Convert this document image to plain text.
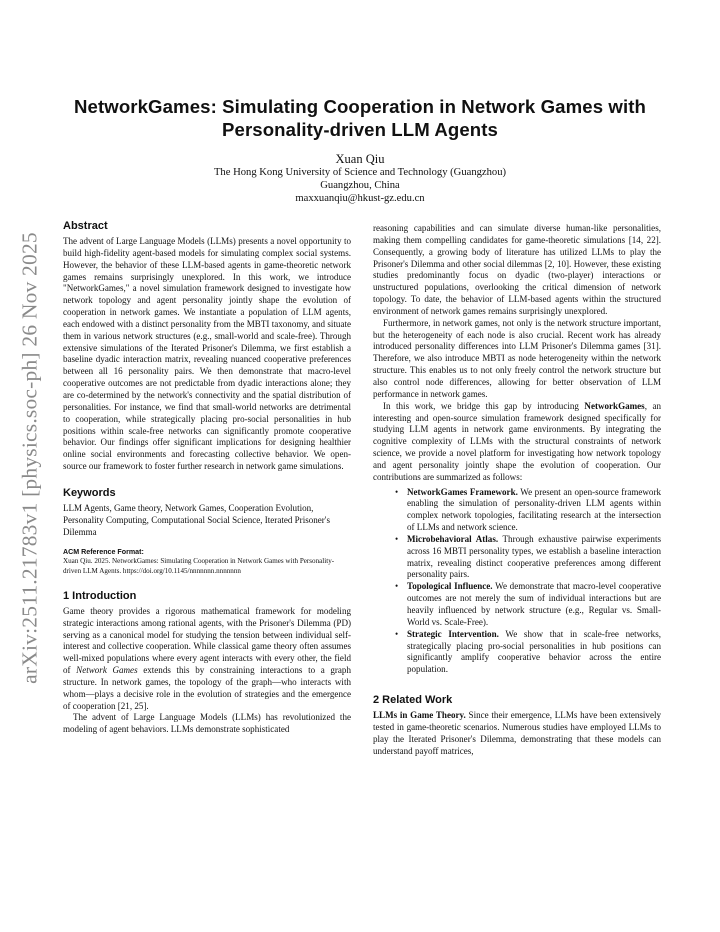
arXiv:2511.21783v1 [physics.soc-ph] 26 Nov 2025
NetworkGames: Simulating Cooperation in Network Games with
Personality-driven LLM Agents
Xuan Qiu
The Hong Kong University of Science and Technology (Guangzhou)
Guangzhou, China
maxxuanqiu@hkust-gz.edu.cn
Abstract

The advent of Large Language Models (LLMs) presents a novel opportunity to build high-fidelity agent-based models for simulating complex social systems. However, the behavior of these LLM-based agents in game-theoretic network games remains surprisingly unexplored. In this work, we introduce "NetworkGames," a novel simulation framework designed to investigate how network topology and agent personality jointly shape the evolution of cooperation in network games. We instantiate a population of LLM agents, each endowed with a distinct personality from the MBTI taxonomy, and situate them in various network structures (e.g., small-world and scale-free). Through extensive simulations of the Iterated Prisoner's Dilemma, we first establish a baseline dyadic interaction matrix, revealing nuanced cooperative preferences between all 16 personality pairs. We then demonstrate that macro-level cooperative outcomes are not predictable from dyadic interactions alone; they are co-determined by the network's connectivity and the spatial distribution of personalities. For instance, we find that small-world networks are detrimental to cooperation, while strategically placing pro-social personalities in hub positions within scale-free networks can significantly promote cooperative behavior. Our findings offer significant implications for designing healthier online social environments and forecasting collective behavior. We open-source our framework to foster further research in network game simulations.

Keywords

LLM Agents, Game theory, Network Games, Cooperation Evolution, Personality Computing, Computational Social Science, Iterated Prisoner's Dilemma

ACM Reference Format:
Xuan Qiu. 2025. NetworkGames: Simulating Cooperation in Network Games with Personality-driven LLM Agents. https://doi.org/10.1145/nnnnnnn.nnnnnnn
1 Introduction

Game theory provides a rigorous mathematical framework for modeling strategic interactions among rational agents, with the Prisoner's Dilemma (PD) serving as a canonical model for studying the tension between individual self-interest and collective cooperation. While classical game theory often assumes well-mixed populations where every agent interacts with every other, the field of Network Games extends this by constraining interactions to a graph structure. In network games, the topology of the graph—who interacts with whom—plays a decisive role in the evolution of strategies and the emergence of cooperation [21, 25].

The advent of Large Language Models (LLMs) has revolutionized the modeling of agent behaviors. LLMs demonstrate sophisticated

reasoning capabilities and can simulate diverse human-like personalities, making them compelling candidates for game-theoretic simulations [14, 22]. Consequently, a growing body of literature has utilized LLMs to play the Prisoner's Dilemma and other social dilemmas [2, 10]. However, these existing studies predominantly focus on dyadic (two-player) interactions or unstructured populations, overlooking the critical dimension of network topology. To date, the behavior of LLM-based agents within the structured environment of network games remains surprisingly unexplored.

Furthermore, in network games, not only is the network structure important, but the heterogeneity of each node is also crucial. Recent work has already introduced personality differences into LLM Prisoner's Dilemma games [31]. Therefore, we also introduce MBTI as node heterogeneity within the network structure. This enables us to not only freely control the network structure but also control node differences, allowing for better observation of LLM performance in network games.

In this work, we bridge this gap by introducing NetworkGames, an interesting and open-source simulation framework designed specifically for studying LLM agents in network game environments. By integrating the cognitive complexity of LLMs with the structural constraints of network science, we provide a novel platform for investigating how network topology and agent personality jointly shape the evolution of cooperation. Our contributions are summarized as follows:

• NetworkGames Framework. We present an open-source framework enabling the simulation of personality-driven LLM agents within complex network topologies, facilitating research at the intersection of LLMs and network science.
• Microbehavioral Atlas. Through exhaustive pairwise experiments across 16 MBTI personality types, we establish a baseline interaction matrix, revealing distinct cooperative preferences among different personality pairs.
• Topological Influence. We demonstrate that macro-level cooperative outcomes are not merely the sum of individual interactions but are heavily influenced by network structure (e.g., Regular vs. Small-World vs. Scale-Free).
• Strategic Intervention. We show that in scale-free networks, strategically placing pro-social personalities in hub positions can significantly amplify cooperative behavior across the entire population.
2 Related Work

LLMs in Game Theory. Since their emergence, LLMs have been extensively tested in game-theoretic scenarios. Numerous studies have employed LLMs to play the Iterated Prisoner's Dilemma, demonstrating that these models can understand payoff matrices,
